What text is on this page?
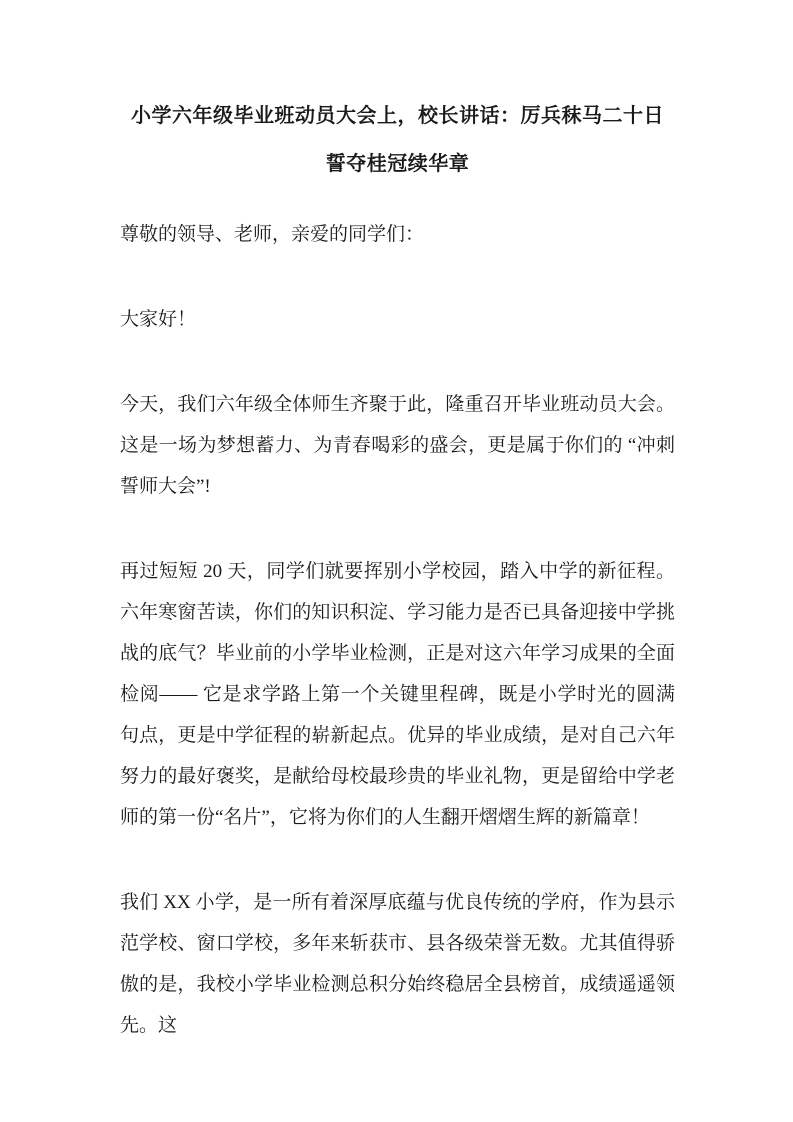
小学六年级毕业班动员大会上，校长讲话：厉兵秣马二十日 誓夺桂冠续华章

尊敬的领导、老师，亲爱的同学们：

大家好！

今天，我们六年级全体师生齐聚于此，隆重召开毕业班动员大会。这是一场为梦想蓄力、为青春喝彩的盛会，更是属于你们的 “冲刺誓师大会”!

再过短短 20 天，同学们就要挥别小学校园，踏入中学的新征程。六年寒窗苦读，你们的知识积淀、学习能力是否已具备迎接中学挑战的底气？毕业前的小学毕业检测，正是对这六年学习成果的全面检阅—— 它是求学路上第一个关键里程碑，既是小学时光的圆满句点，更是中学征程的崭新起点。优异的毕业成绩，是对自己六年努力的最好褒奖，是献给母校最珍贵的毕业礼物，更是留给中学老师的第一份“名片”，它将为你们的人生翻开熠熠生辉的新篇章！

我们 XX 小学，是一所有着深厚底蕴与优良传统的学府，作为县示范学校、窗口学校，多年来斩获市、县各级荣誉无数。尤其值得骄傲的是，我校小学毕业检测总积分始终稳居全县榜首，成绩遥遥领先。这
